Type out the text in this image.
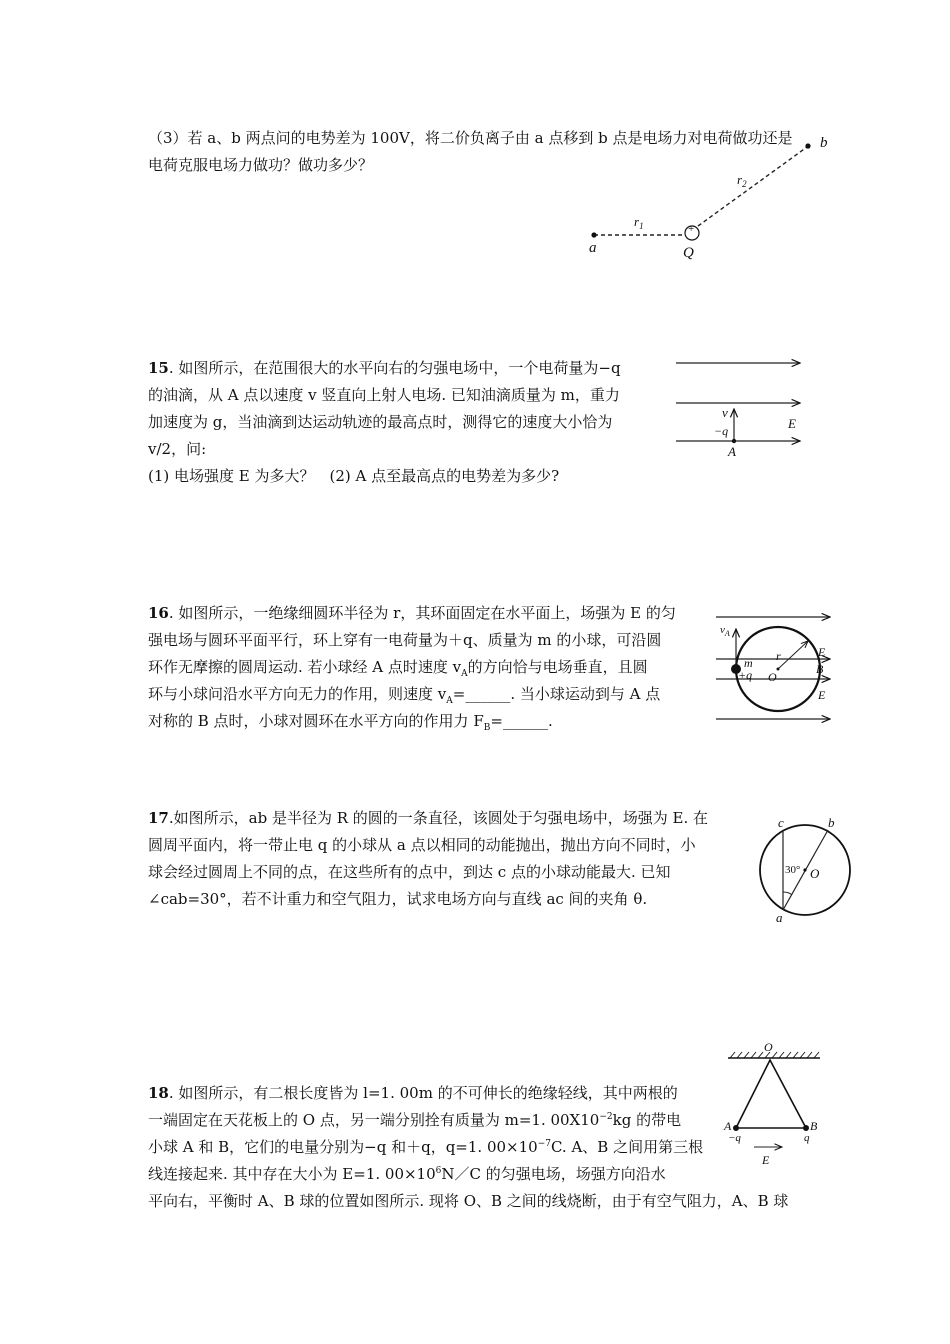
（3）若 a、b 两点问的电势差为 100V，将二价负离子由 a 点移到 b 点是电场力对电荷做功还是
电荷克服电场力做功？做功多少？
+
a
b
Q
$r_1$
$r_2$
15. 如图所示，在范围很大的水平向右的匀强电场中，一个电荷量为−q
的油滴，从 A 点以速度 v 竖直向上射人电场. 已知油滴质量为 m，重力
加速度为 g，当油滴到达运动轨迹的最高点时，测得它的速度大小恰为
v/2，问:
(1) 电场强度 E 为多大？　(2) A 点至最高点的电势差为多少?
v
−q	E
A
16. 如图所示，一绝缘细圆环半径为 r，其环面固定在水平面上，场强为 E 的匀
强电场与圆环平面平行，环上穿有一电荷量为＋q、质量为 m 的小球，可沿圆
环作无摩擦的圆周运动. 若小球经 A 点时速度 $v_A$的方向恰与电场垂直，且圆
环与小球问沿水平方向无力的作用，则速度 $v_A=\_\_\_\_\_\_$. 当小球运动到与 A 点
对称的 B 点时，小球对圆环在水平方向的作用力 $F_B=\_\_\_\_\_\_$.
$v_A$
m r
+q O
B
E
E
17.如图所示，ab 是半径为 R 的圆的一条直径，该圆处于匀强电场中，场强为 E. 在
圆周平面内，将一带止电 q 的小球从 a 点以相同的动能抛出，抛出方向不同时，小
球会经过圆周上不同的点，在这些所有的点中，到达 c 点的小球动能最大. 已知
∠cab=30°，若不计重力和空气阻力，试求电场方向与直线 ac 间的夹角 θ.
c	b
a
O
30°
18. 如图所示，有二根长度皆为 l=1. 00m 的不可伸长的绝缘轻线，其中两根的
一端固定在天花板上的 O 点，另一端分别拴有质量为 m=1. $00X10^{-2}kg$ 的带电
小球 A 和 B，它们的电量分别为−q 和＋q，q=1. $00\times 10^{-7}C$. A、B 之间用第三根
线连接起来. 其中存在大小为 E=1. $00\times 10^6N/C$ 的匀强电场，场强方向沿水
平向右，平衡时 A、B 球的位置如图所示. 现将 O、B 之间的线烧断，由于有空气阻力，A、B 球
O
A	B
−q	q
E
